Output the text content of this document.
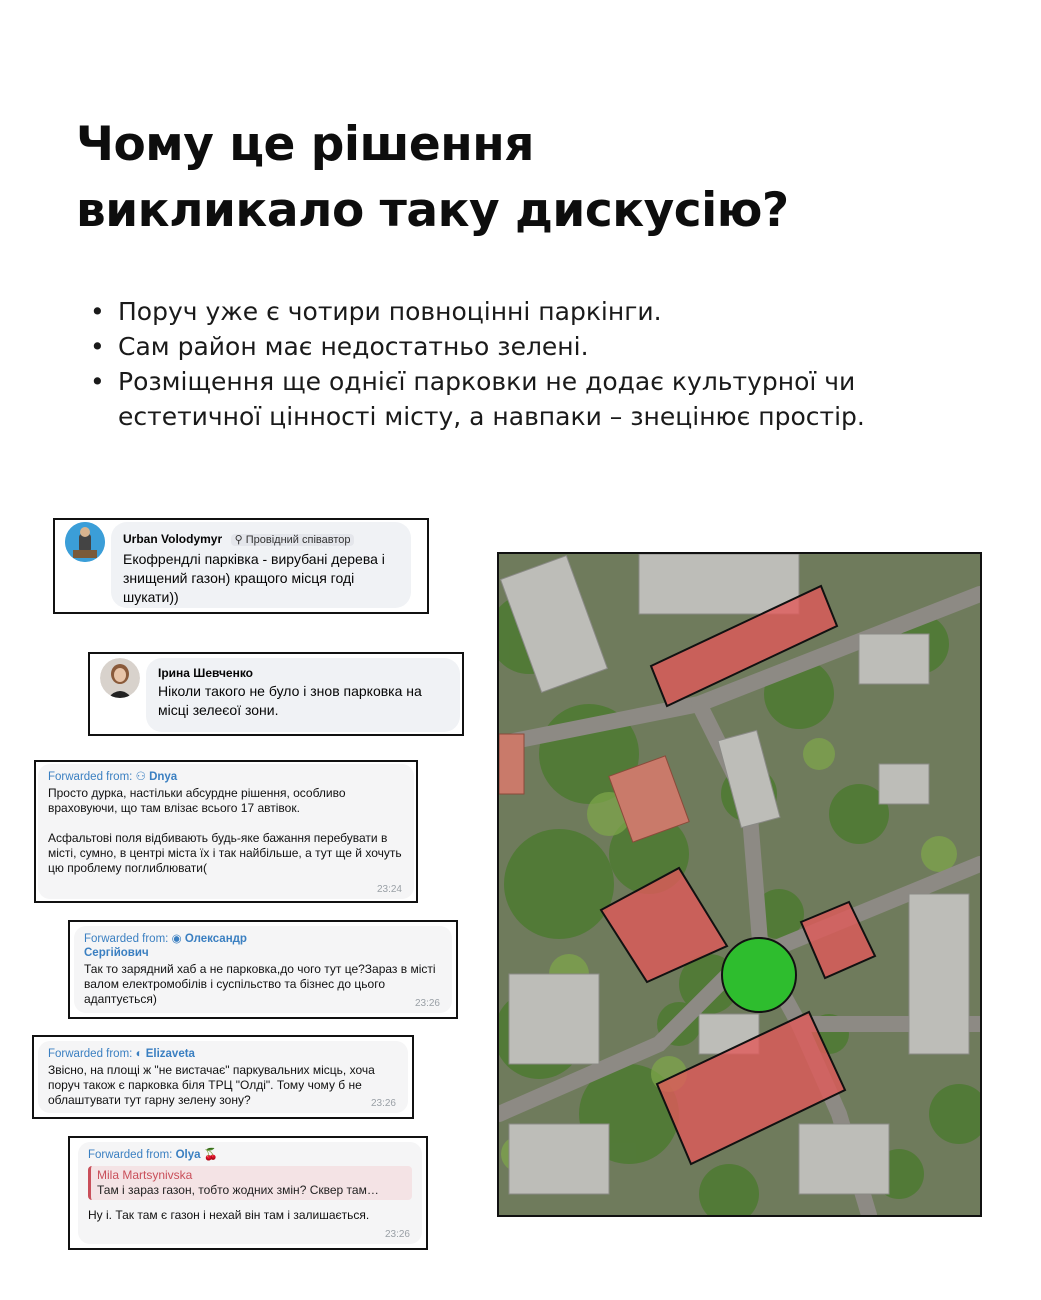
Чому це рішення
викликало таку дискусію?
• Поруч уже є чотири повноцінні паркінги.
• Сам район має недостатньо зелені.
• Розміщення ще однієї парковки не додає культурної чи естетичної цінності місту, а навпаки – знецінює простір.
Urban Volodymyr ⚲ Провідний співавтор
Екофрендлі парківка - вирубані дерева і знищений газон) кращого місця годі шукати))
Ірина Шевченко
Ніколи такого не було і знов парковка на місці зелеєої зони.
Forwarded from: ⚇ Dnya
Просто дурка, настільки абсурдне рішення, особливо враховуючи, що там влізає всього 17 автівок.
Асфальтові поля відбивають будь-яке бажання перебувати в місті, сумно, в центрі міста їх і так найбільше, а тут ще й хочуть цю проблему поглиблювати(
23:24
Forwarded from: ◉ Олександр Сергійович
Так то зарядний хаб а не парковка,до чого тут це?Зараз в місті валом електромобілів і суспільство та бізнес до цього адаптується)	23:26
Forwarded from: ◐ Elizaveta
Звісно, на площі ж "не вистачає" паркувальних місць, хоча поруч також є парковка біля ТРЦ "Олді". Тому чому б не облаштувати тут гарну зелену зону?	23:26
Forwarded from: Olya 🍒
Mila Martsynivska
Там і зараз газон, тобто жодних змін? Сквер там…
Ну і. Так там є газон і нехай він там і залишається.
23:26
